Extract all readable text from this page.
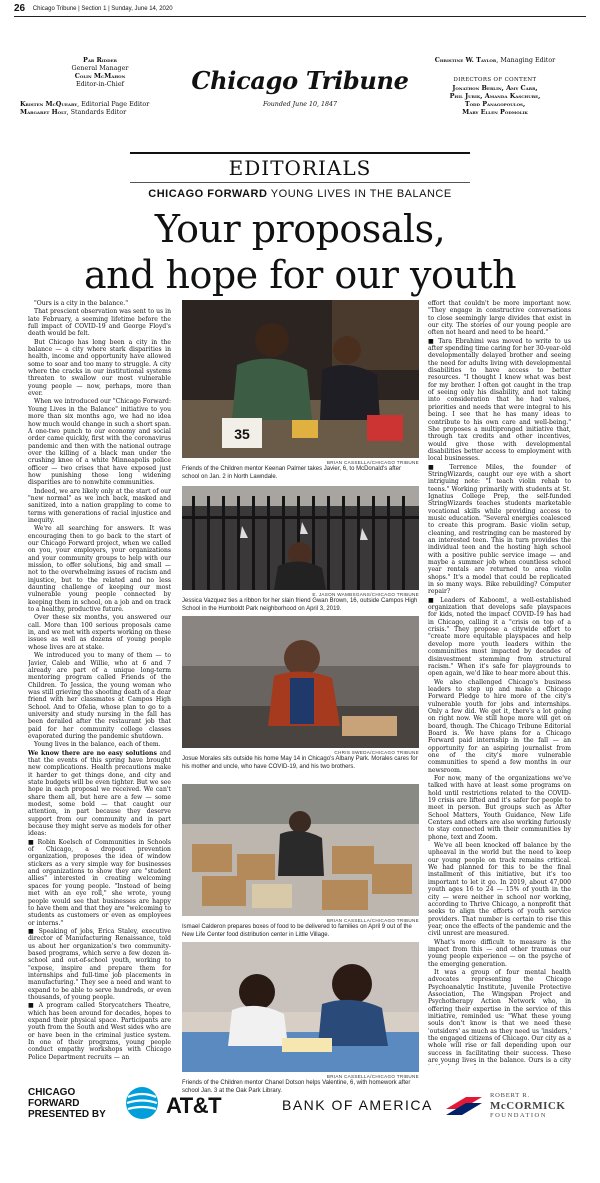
26 Chicago Tribune | Section 1 | Sunday, June 14, 2020
Par Ridder
General Manager
Colin McMahon
Editor-in-Chief
Kristen McQueary, Editorial Page Editor
Margaret Holt, Standards Editor
Chicago Tribune
Founded June 10, 1847
Christine W. Taylor, Managing Editor
DIRECTORS OF CONTENT
Jonathon Berlin, Amy Carr,
Phil Jurik, Amanda Kaschube,
Todd Panagopoulos,
Mary Ellen Podmolik
EDITORIALS
CHICAGO FORWARD YOUNG LIVES IN THE BALANCE
Your proposals,
and hope for our youth

"Ours is a city in the balance."

That prescient observation was sent to us in late February, a seeming lifetime before the full impact of COVID-19 and George Floyd's death would be felt.

But Chicago has long been a city in the balance — a city where stark disparities in health, income and opportunity have allowed some to soar and too many to struggle. A city where the cracks in our institutional systems threaten to swallow our most vulnerable young people — now, perhaps, more than ever.

When we introduced our "Chicago Forward: Young Lives in the Balance" initiative to you more than six months ago, we had no idea how much would change in such a short span. A one-two punch to our economy and social order came quickly, first with the coronavirus pandemic and then with the national outrage over the killing of a black man under the crushing knee of a white Minneapolis police officer — two crises that have exposed just how punishing those long widening disparities are to nonwhite communities.

Indeed, we are likely only at the start of our "new normal" as we inch back, masked and sanitized, into a nation grappling to come to terms with generations of racial injustice and inequity.

We're all searching for answers. It was encouraging then to go back to the start of our Chicago Forward project, when we called on you, your employers, your organizations and your community groups to help with our mission, to offer solutions, big and small — not to the overwhelming issues of racism and injustice, but to the related and no less daunting challenge of keeping our most vulnerable young people connected by keeping them in school, on a job and on track to a healthy, productive future.

Over these six months, you answered our call. More than 100 serious proposals came in, and we met with experts working on these issues as well as dozens of young people whose lives are at stake.

We introduced you to many of them — to Javier, Caleb and Willie, who at 6 and 7 already are part of a unique long-term mentoring program called Friends of the Children. To Jessica, the young woman who was still grieving the shooting death of a dear friend with her classmates at Campos High School. And to Ofelia, whose plan to go to a university and study nursing in the fall has been derailed after the restaurant job that paid for her community college classes evaporated during the pandemic shutdown.

Young lives in the balance, each of them.

We know there are no easy solutions and that the events of this spring have brought new complications. Health precautions make it harder to get things done, and city and state budgets will be even tighter. But we see hope in each proposal we received. We can't share them all, but here are a few — some modest, some bold — that caught our attention, in part because they deserve support from our community and in part because they might serve as models for other ideas:

■ Robin Koelsch of Communities in Schools of Chicago, a dropout prevention organization, proposes the idea of window stickers as a very simple way for businesses and organizations to show they are "student allies" interested in creating welcoming spaces for young people. "Instead of being met with an eye roll," she wrote, young people would see that businesses are happy to have them and that they are "welcoming to students as customers or even as employees or interns."

■ Speaking of jobs, Erica Staley, executive director of Manufacturing Renaissance, told us about her organization's two community-based programs, which serve a few dozen in-school and out-of-school youth, working to "expose, inspire and prepare them for internships and full-time job placements in manufacturing." They see a need and want to expand to be able to serve hundreds, or even thousands, of young people.

■ A program called Storycatchers Theatre, which has been around for decades, hopes to expand their physical space. Participants are youth from the South and West sides who are or have been in the criminal justice system. In one of their programs, young people conduct empathy workshops with Chicago Police Department recruits — an

35
BRIAN CASSELLA/CHICAGO TRIBUNE
Friends of the Children mentor Keenan Palmer takes Javier, 6, to McDonald's after school on Jan. 2 in North Lawndale.
E. JASON WAMBSGANS/CHICAGO TRIBUNE
Jessica Vazquez ties a ribbon for her slain friend Gwan Brown, 16, outside Campos High School in the Humboldt Park neighborhood on April 3, 2019.
CHRIS SWEDA/CHICAGO TRIBUNE
Josue Morales sits outside his home May 14 in Chicago's Albany Park. Morales cares for his mother and uncle, who have COVID-19, and his two brothers.
BRIAN CASSELLA/CHICAGO TRIBUNE
Ismael Calderon prepares boxes of food to be delivered to families on April 9 out of the New Life Center food distribution center in Little Village.
BRIAN CASSELLA/CHICAGO TRIBUNE
Friends of the Children mentor Chanel Dotson helps Valentine, 6, with homework after school Jan. 3 at the Oak Park Library.

effort that couldn't be more important now. "They engage in constructive conversations to close seemingly large divides that exist in our city. The stories of our young people are often not heard and need to be heard."

■ Tara Ebrahimi was moved to write to us after spending time caring for her 30-year-old developmentally delayed brother and seeing the need for adults living with developmental disabilities to have access to better resources. "I thought I knew what was best for my brother. I often got caught in the trap of seeing only his disability, and not taking into consideration that he had values, priorities and needs that were integral to his being. I see that he has many ideas to contribute to his own care and well-being." She proposes a multipronged initiative that, through tax credits and other incentives, would give those with developmental disabilities better access to employment with local businesses.

■ Terrence Miles, the founder of StringWizards, caught our eye with a short intriguing note: "I teach violin rehab to teens." Working primarily with students at St. Ignatius College Prep, the self-funded StringWizards teaches students marketable vocational skills while providing access to music education. "Several energies coalesced to create this program. Basic violin setup, cleaning, and restringing can be mastered by an interested teen. This in turn provides the individual teen and the hosting high school with a positive public service image — and maybe a summer job when countless school year rentals are returned to area violin shops." It's a model that could be replicated in so many ways. Bike rebuilding? Computer repair?

■ Leaders of Kaboom!, a well-established organization that develops safe playspaces for kids, noted the impact COVID-19 has had in Chicago, calling it a "crisis on top of a crisis." They propose a citywide effort to "create more equitable playspaces and help develop more youth leaders within the communities most impacted by decades of disinvestment stemming from structural racism." When it's safe for playgrounds to open again, we'd like to hear more about this.

We also challenged Chicago's business leaders to step up and make a Chicago Forward Pledge to hire more of the city's vulnerable youth for jobs and internships. Only a few did. We get it, there's a lot going on right now. We still hope more will get on board, though. The Chicago Tribune Editorial Board is. We have plans for a Chicago Forward paid internship in the fall — an opportunity for an aspiring journalist from one of the city's more vulnerable communities to spend a few months in our newsroom.

For now, many of the organizations we've talked with have at least some programs on hold until restrictions related to the COVID-19 crisis are lifted and it's safer for people to meet in person. But groups such as After School Matters, Youth Guidance, New Life Centers and others are also working furiously to stay connected with their communities by phone, text and Zoom.

We've all been knocked off balance by the upheaval in the world but the need to keep our young people on track remains critical. We had planned for this to be the final installment of this initiative, but it's too important to let it go. In 2019, about 47,000 youth ages 16 to 24 — 15% of youth in the city — were neither in school nor working, according to Thrive Chicago, a nonprofit that seeks to align the efforts of youth service providers. That number is certain to rise this year, once the effects of the pandemic and the civil unrest are measured.

What's more difficult to measure is the impact from this — and other traumas our young people experience — on the psyche of the emerging generation.

It was a group of four mental health advocates representing the Chicago Psychoanalytic Institute, Juvenile Protective Association, The Wingspan Project and Psychotherapy Action Network who, in offering their expertise in the service of this initiative, reminded us: "What these young souls don't know is that we need these 'outsiders' as much as they need us 'insiders,' the engaged citizens of Chicago. Our city as a whole will rise or fall depending upon our success in facilitating their success. These are young lives in the balance. Ours is a city

CHICAGO
FORWARD
PRESENTED BY	AT&T	BANK OF AMERICA
ROBERT R.
McCORMICK
FOUNDATION
